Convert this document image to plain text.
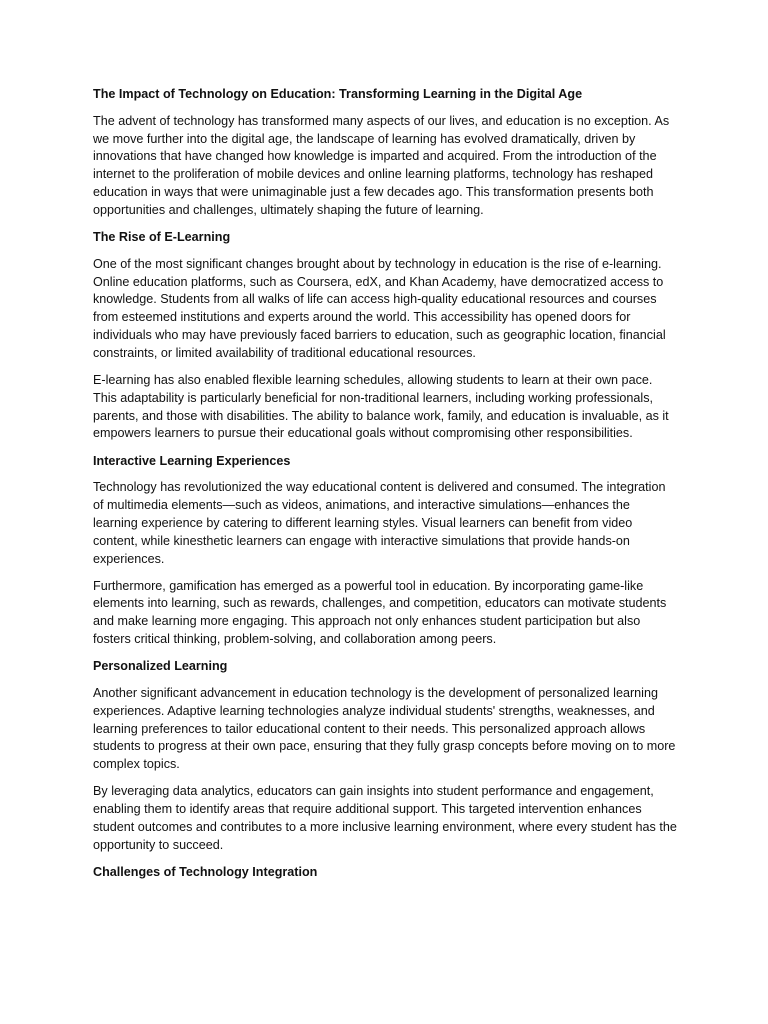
The Impact of Technology on Education: Transforming Learning in the Digital Age

The advent of technology has transformed many aspects of our lives, and education is no exception. As we move further into the digital age, the landscape of learning has evolved dramatically, driven by innovations that have changed how knowledge is imparted and acquired. From the introduction of the internet to the proliferation of mobile devices and online learning platforms, technology has reshaped education in ways that were unimaginable just a few decades ago. This transformation presents both opportunities and challenges, ultimately shaping the future of learning.

The Rise of E-Learning

One of the most significant changes brought about by technology in education is the rise of e-learning. Online education platforms, such as Coursera, edX, and Khan Academy, have democratized access to knowledge. Students from all walks of life can access high-quality educational resources and courses from esteemed institutions and experts around the world. This accessibility has opened doors for individuals who may have previously faced barriers to education, such as geographic location, financial constraints, or limited availability of traditional educational resources.

E-learning has also enabled flexible learning schedules, allowing students to learn at their own pace. This adaptability is particularly beneficial for non-traditional learners, including working professionals, parents, and those with disabilities. The ability to balance work, family, and education is invaluable, as it empowers learners to pursue their educational goals without compromising other responsibilities.

Interactive Learning Experiences

Technology has revolutionized the way educational content is delivered and consumed. The integration of multimedia elements—such as videos, animations, and interactive simulations—enhances the learning experience by catering to different learning styles. Visual learners can benefit from video content, while kinesthetic learners can engage with interactive simulations that provide hands-on experiences.

Furthermore, gamification has emerged as a powerful tool in education. By incorporating game-like elements into learning, such as rewards, challenges, and competition, educators can motivate students and make learning more engaging. This approach not only enhances student participation but also fosters critical thinking, problem-solving, and collaboration among peers.

Personalized Learning

Another significant advancement in education technology is the development of personalized learning experiences. Adaptive learning technologies analyze individual students' strengths, weaknesses, and learning preferences to tailor educational content to their needs. This personalized approach allows students to progress at their own pace, ensuring that they fully grasp concepts before moving on to more complex topics.

By leveraging data analytics, educators can gain insights into student performance and engagement, enabling them to identify areas that require additional support. This targeted intervention enhances student outcomes and contributes to a more inclusive learning environment, where every student has the opportunity to succeed.

Challenges of Technology Integration
